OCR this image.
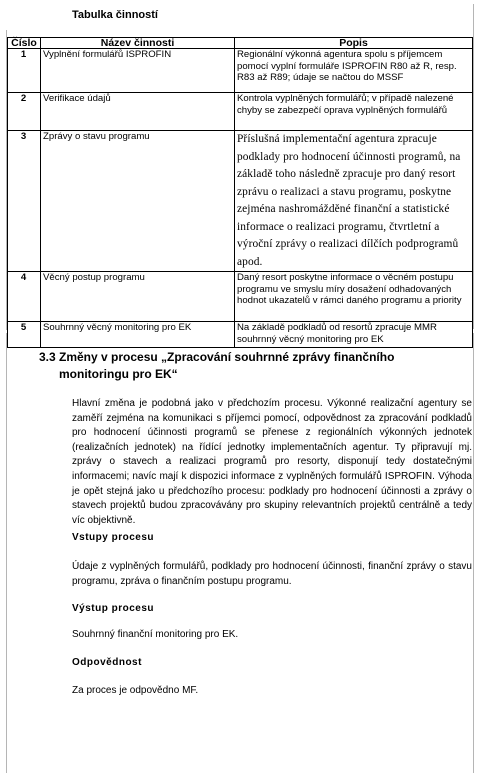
Tabulka činností
Číslo	Název činnosti	Popis
1	Vyplnění formulářů ISPROFIN	Regionální výkonná agentura spolu s příjemcem pomocí vyplní formuláře ISPROFIN R80 až R, resp. R83 až R89; údaje se načtou do MSSF
2	Verifikace údajů	Kontrola vyplněných formulářů; v případě nalezené chyby se zabezpečí oprava vyplněných formulářů
3	Zprávy o stavu programu	Příslušná implementační agentura zpracuje podklady pro hodnocení účinnosti programů, na základě toho následně zpracuje pro daný resort zprávu o realizaci a stavu programu, poskytne zejména nashromážděné finanční a statistické informace o realizaci programu, čtvrtletní a výroční zprávy o realizaci dílčích podprogramů apod.
4	Věcný postup programu	Daný resort poskytne informace o věcném postupu programu ve smyslu míry dosažení odhadovaných hodnot ukazatelů v rámci daného programu a priority
5	Souhrnný věcný monitoring pro EK	Na základě podkladů od resortů zpracuje MMR souhrnný věcný monitoring pro EK
3.3 Změny v procesu „Zpracování souhrnné zprávy finančního
monitoringu pro EK“
Hlavní změna je podobná jako v předchozím procesu. Výkonné realizační agentury se zaměří zejména na komunikaci s příjemci pomocí, odpovědnost za zpracování podkladů pro hodnocení účinnosti programů se přenese z regionálních výkonných jednotek (realizačních jednotek) na řídící jednotky implementačních agentur. Ty připravují mj. zprávy o stavech a realizaci programů pro resorty, disponují tedy dostatečnými informacemi; navíc mají k dispozici informace z vyplněných formulářů ISPROFIN. Výhoda je opět stejná jako u předchozího procesu: podklady pro hodnocení účinnosti a zprávy o stavech projektů budou zpracovávány pro skupiny relevantních projektů centrálně a tedy víc objektivně.
Vstupy procesu
Údaje z vyplněných formulářů, podklady pro hodnocení účinnosti, finanční zprávy o stavu programu, zpráva o finančním postupu programu.
Výstup procesu
Souhrnný finanční monitoring pro EK.
Odpovědnost
Za proces je odpovědno MF.
